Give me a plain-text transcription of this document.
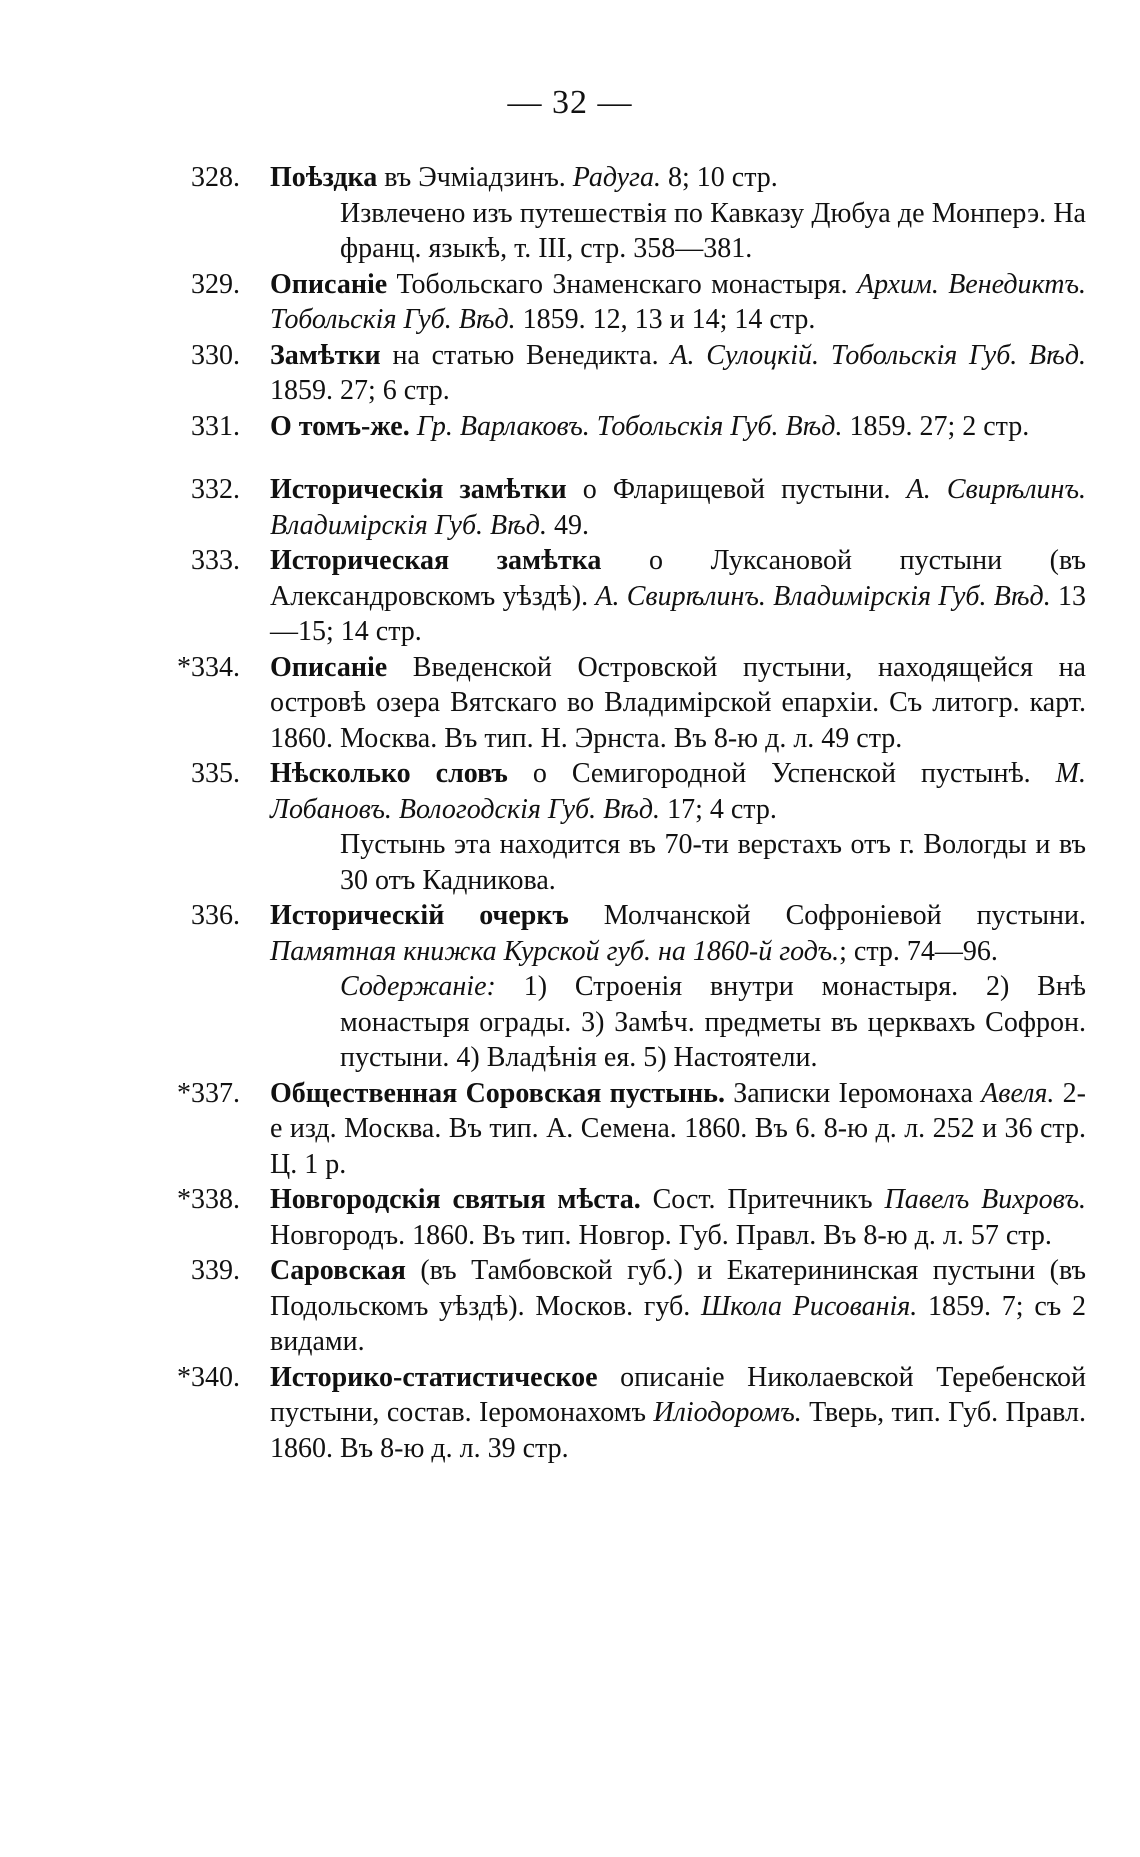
— 32 —
328. Поѣздка въ Эчміадзинъ. Радуга. 8; 10 стр.
Извлечено изъ путешествія по Кавказу Дюбуа де Монперэ. На франц. языкѣ, т. III, стр. 358—381.
329. Описаніе Тобольскаго Знаменскаго монастыря. Архим. Венедиктъ. Тобольскія Губ. Вѣд. 1859. 12, 13 и 14; 14 стр.
330. Замѣтки на статью Венедикта. А. Сулоцкій. Тобольскія Губ. Вѣд. 1859. 27; 6 стр.
331. О томъ-же. Гр. Варлаковъ. Тобольскія Губ. Вѣд. 1859. 27; 2 стр.
332. Историческія замѣтки о Фларищевой пустыни. А. Свирѣлинъ. Владимірскія Губ. Вѣд. 49.
333. Историческая замѣтка о Луксановой пустыни (въ Александровскомъ уѣздѣ). А. Свирѣлинъ. Владимірскія Губ. Вѣд. 13—15; 14 стр.
*334. Описаніе Введенской Островской пустыни, находящейся на островѣ озера Вятскаго во Владимірской епархіи. Съ литогр. карт. 1860. Москва. Въ тип. Н. Эрнста. Въ 8-ю д. л. 49 стр.
335. Нѣсколько словъ о Семигородной Успенской пустынѣ. М. Лобановъ. Вологодскія Губ. Вѣд. 17; 4 стр.
Пустынь эта находится въ 70-ти верстахъ отъ г. Вологды и въ 30 отъ Кадникова.
336. Историческій очеркъ Молчанской Софроніевой пустыни. Памятная книжка Курской губ. на 1860-й годъ.; стр. 74—96.
Содержаніе: 1) Строенія внутри монастыря. 2) Внѣ монастыря ограды. 3) Замѣч. предметы въ церквахъ Софрон. пустыни. 4) Владѣнія ея. 5) Настоятели.
*337. Общественная Соровская пустынь. Записки Іеромонаха Авеля. 2-е изд. Москва. Въ тип. А. Семена. 1860. Въ 6. 8-ю д. л. 252 и 36 стр. Ц. 1 р.
*338. Новгородскія святыя мѣста. Сост. Притечникъ Павелъ Вихровъ. Новгородъ. 1860. Въ тип. Новгор. Губ. Правл. Въ 8-ю д. л. 57 стр.
339. Саровская (въ Тамбовской губ.) и Екатерининская пустыни (въ Подольскомъ уѣздѣ). Москов. губ. Школа Рисованія. 1859. 7; съ 2 видами.
*340. Историко-статистическое описаніе Николаевской Теребенской пустыни, состав. Іеромонахомъ Иліодоромъ. Тверь, тип. Губ. Правл. 1860. Въ 8-ю д. л. 39 стр.
